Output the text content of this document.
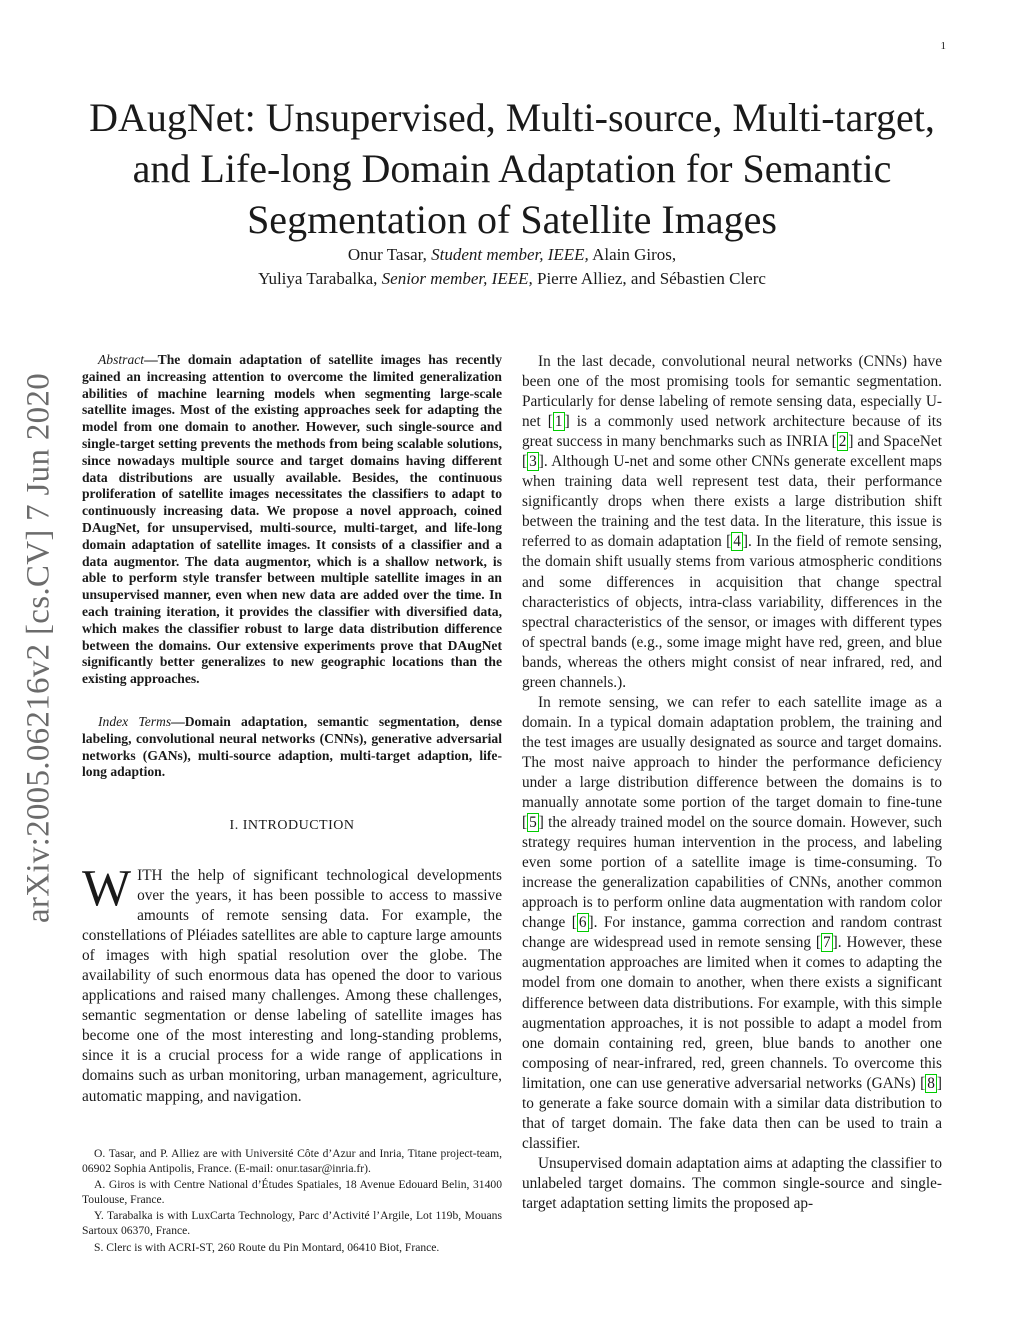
1
arXiv:2005.06216v2 [cs.CV] 7 Jun 2020
DAugNet: Unsupervised, Multi-source, Multi-target, and Life-long Domain Adaptation for Semantic Segmentation of Satellite Images
Onur Tasar, Student member, IEEE, Alain Giros,
Yuliya Tarabalka, Senior member, IEEE, Pierre Alliez, and Sébastien Clerc

Abstract—The domain adaptation of satellite images has recently gained an increasing attention to overcome the limited generalization abilities of machine learning models when segmenting large-scale satellite images. Most of the existing approaches seek for adapting the model from one domain to another. However, such single-source and single-target setting prevents the methods from being scalable solutions, since nowadays multiple source and target domains having different data distributions are usually available. Besides, the continuous proliferation of satellite images necessitates the classifiers to adapt to continuously increasing data. We propose a novel approach, coined DAugNet, for unsupervised, multi-source, multi-target, and life-long domain adaptation of satellite images. It consists of a classifier and a data augmentor. The data augmentor, which is a shallow network, is able to perform style transfer between multiple satellite images in an unsupervised manner, even when new data are added over the time. In each training iteration, it provides the classifier with diversified data, which makes the classifier robust to large data distribution difference between the domains. Our extensive experiments prove that DAugNet significantly better generalizes to new geographic locations than the existing approaches.

Index Terms—Domain adaptation, semantic segmentation, dense labeling, convolutional neural networks (CNNs), generative adversarial networks (GANs), multi-source adaption, multi-target adaption, life-long adaption.

I. INTRODUCTION

WITH the help of significant technological developments over the years, it has been possible to access to massive amounts of remote sensing data. For example, the constellations of Pléiades satellites are able to capture large amounts of images with high spatial resolution over the globe. The availability of such enormous data has opened the door to various applications and raised many challenges. Among these challenges, semantic segmentation or dense labeling of satellite images has become one of the most interesting and long-standing problems, since it is a crucial process for a wide range of applications in domains such as urban monitoring, urban management, agriculture, automatic mapping, and navigation.

O. Tasar, and P. Alliez are with Université Côte d’Azur and Inria, Titane project-team, 06902 Sophia Antipolis, France. (E-mail: onur.tasar@inria.fr).

A. Giros is with Centre National d’Études Spatiales, 18 Avenue Edouard Belin, 31400 Toulouse, France.

Y. Tarabalka is with LuxCarta Technology, Parc d’Activité l’Argile, Lot 119b, Mouans Sartoux 06370, France.

S. Clerc is with ACRI-ST, 260 Route du Pin Montard, 06410 Biot, France.

In the last decade, convolutional neural networks (CNNs) have been one of the most promising tools for semantic segmentation. Particularly for dense labeling of remote sensing data, especially U-net [ 1 ] is a commonly used network architecture because of its great success in many benchmarks such as INRIA [ 2 ] and SpaceNet [ 3 ]. Although U-net and some other CNNs generate excellent maps when training data well represent test data, their performance significantly drops when there exists a large distribution shift between the training and the test data. In the literature, this issue is referred to as domain adaptation [ 4 ]. In the field of remote sensing, the domain shift usually stems from various atmospheric conditions and some differences in acquisition that change spectral characteristics of objects, intra-class variability, differences in the spectral characteristics of the sensor, or images with different types of spectral bands (e.g., some image might have red, green, and blue bands, whereas the others might consist of near infrared, red, and green channels.).

In remote sensing, we can refer to each satellite image as a domain. In a typical domain adaptation problem, the training and the test images are usually designated as source and target domains. The most naive approach to hinder the performance deficiency under a large distribution difference between the domains is to manually annotate some portion of the target domain to fine-tune [ 5 ] the already trained model on the source domain. However, such strategy requires human intervention in the process, and labeling even some portion of a satellite image is time-consuming. To increase the generalization capabilities of CNNs, another common approach is to perform online data augmentation with random color change [ 6 ]. For instance, gamma correction and random contrast change are widespread used in remote sensing [ 7 ]. However, these augmentation approaches are limited when it comes to adapting the model from one domain to another, when there exists a significant difference between data distributions. For example, with this simple augmentation approaches, it is not possible to adapt a model from one domain containing red, green, blue bands to another one composing of near-infrared, red, green channels. To overcome this limitation, one can use generative adversarial networks (GANs) [ 8 ] to generate a fake source domain with a similar data distribution to that of target domain. The fake data then can be used to train a classifier.

Unsupervised domain adaptation aims at adapting the classifier to unlabeled target domains. The common single-source and single-target adaptation setting limits the proposed ap-
